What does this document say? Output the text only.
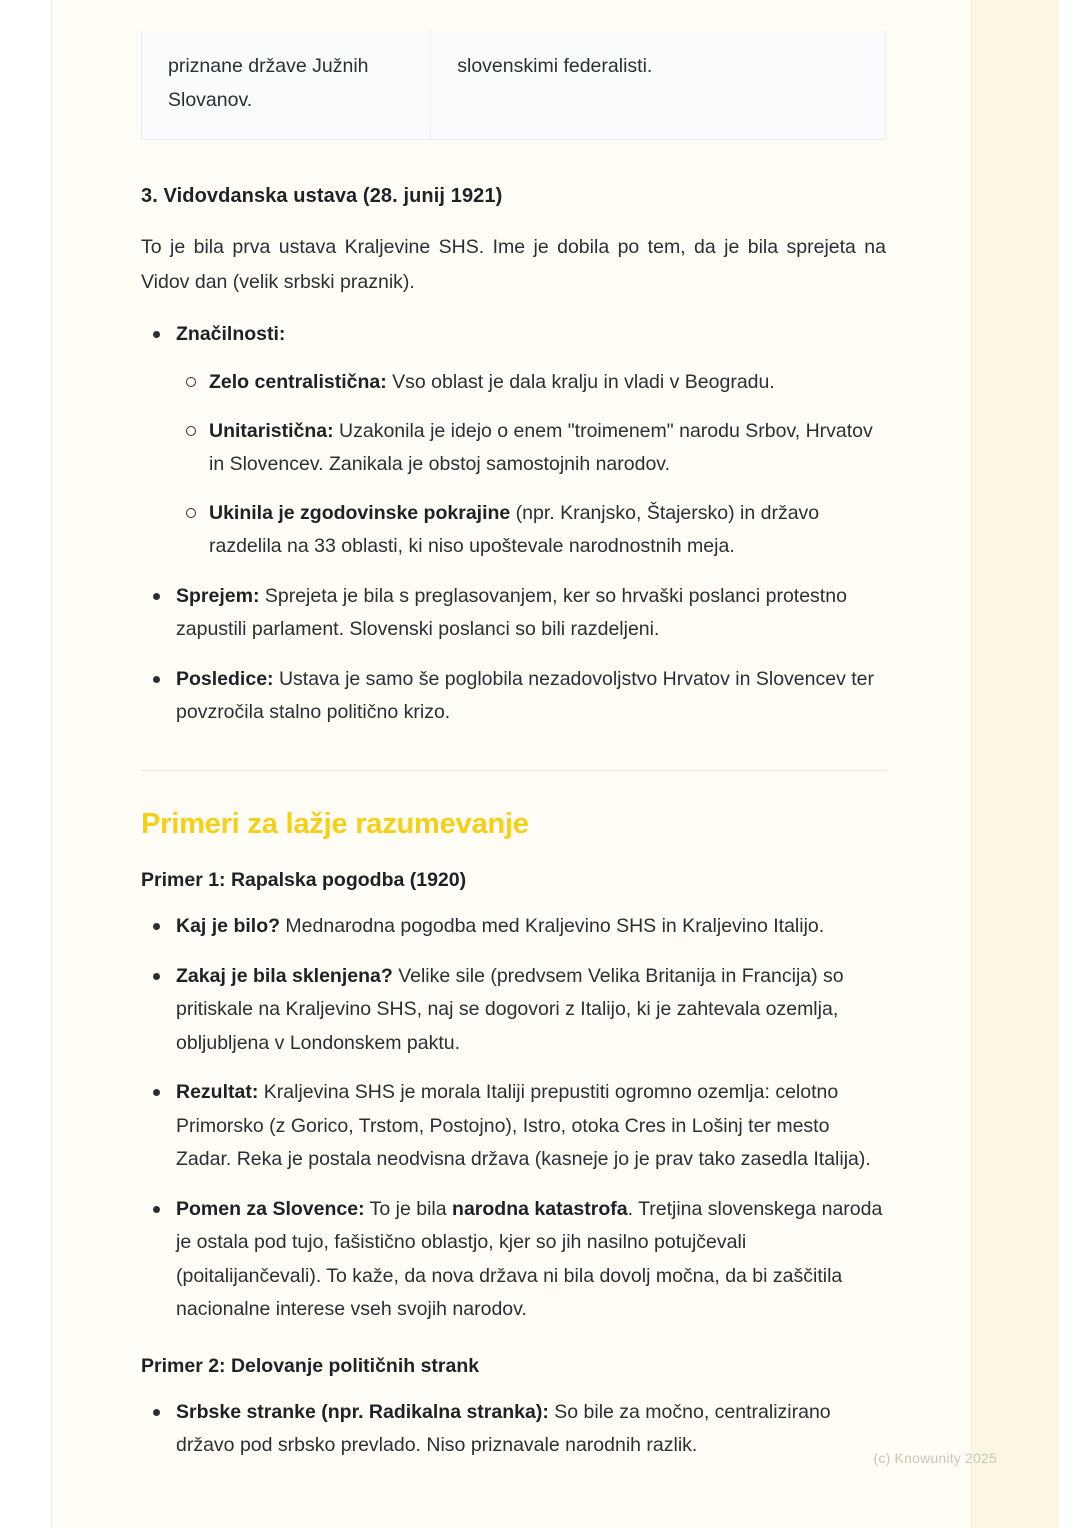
priznane države Južnih Slovanov.
slovenskimi federalisti.
3. Vidovdanska ustava (28. junij 1921)

To je bila prva ustava Kraljevine SHS. Ime je dobila po tem, da je bila sprejeta na Vidov dan (velik srbski praznik).

Značilnosti:
Zelo centralistična: Vso oblast je dala kralju in vladi v Beogradu.
Unitaristična: Uzakonila je idejo o enem "troimenem" narodu Srbov, Hrvatov in Slovencev. Zanikala je obstoj samostojnih narodov.
Ukinila je zgodovinske pokrajine (npr. Kranjsko, Štajersko) in državo razdelila na 33 oblasti, ki niso upoštevale narodnostnih meja.
Sprejem: Sprejeta je bila s preglasovanjem, ker so hrvaški poslanci protestno zapustili parlament. Slovenski poslanci so bili razdeljeni.
Posledice: Ustava je samo še poglobila nezadovoljstvo Hrvatov in Slovencev ter povzročila stalno politično krizo.
Primeri za lažje razumevanje
Primer 1: Rapalska pogodba (1920)
Kaj je bilo? Mednarodna pogodba med Kraljevino SHS in Kraljevino Italijo.
Zakaj je bila sklenjena? Velike sile (predvsem Velika Britanija in Francija) so pritiskale na Kraljevino SHS, naj se dogovori z Italijo, ki je zahtevala ozemlja, obljubljena v Londonskem paktu.
Rezultat: Kraljevina SHS je morala Italiji prepustiti ogromno ozemlja: celotno Primorsko (z Gorico, Trstom, Postojno), Istro, otoka Cres in Lošinj ter mesto Zadar. Reka je postala neodvisna država (kasneje jo je prav tako zasedla Italija).
Pomen za Slovence: To je bila narodna katastrofa. Tretjina slovenskega naroda je ostala pod tujo, fašistično oblastjo, kjer so jih nasilno potujčevali (poitalijančevali). To kaže, da nova država ni bila dovolj močna, da bi zaščitila nacionalne interese vseh svojih narodov.
Primer 2: Delovanje političnih strank
Srbske stranke (npr. Radikalna stranka): So bile za močno, centralizirano državo pod srbsko prevlado. Niso priznavale narodnih razlik.
(c) Knowunity 2025
